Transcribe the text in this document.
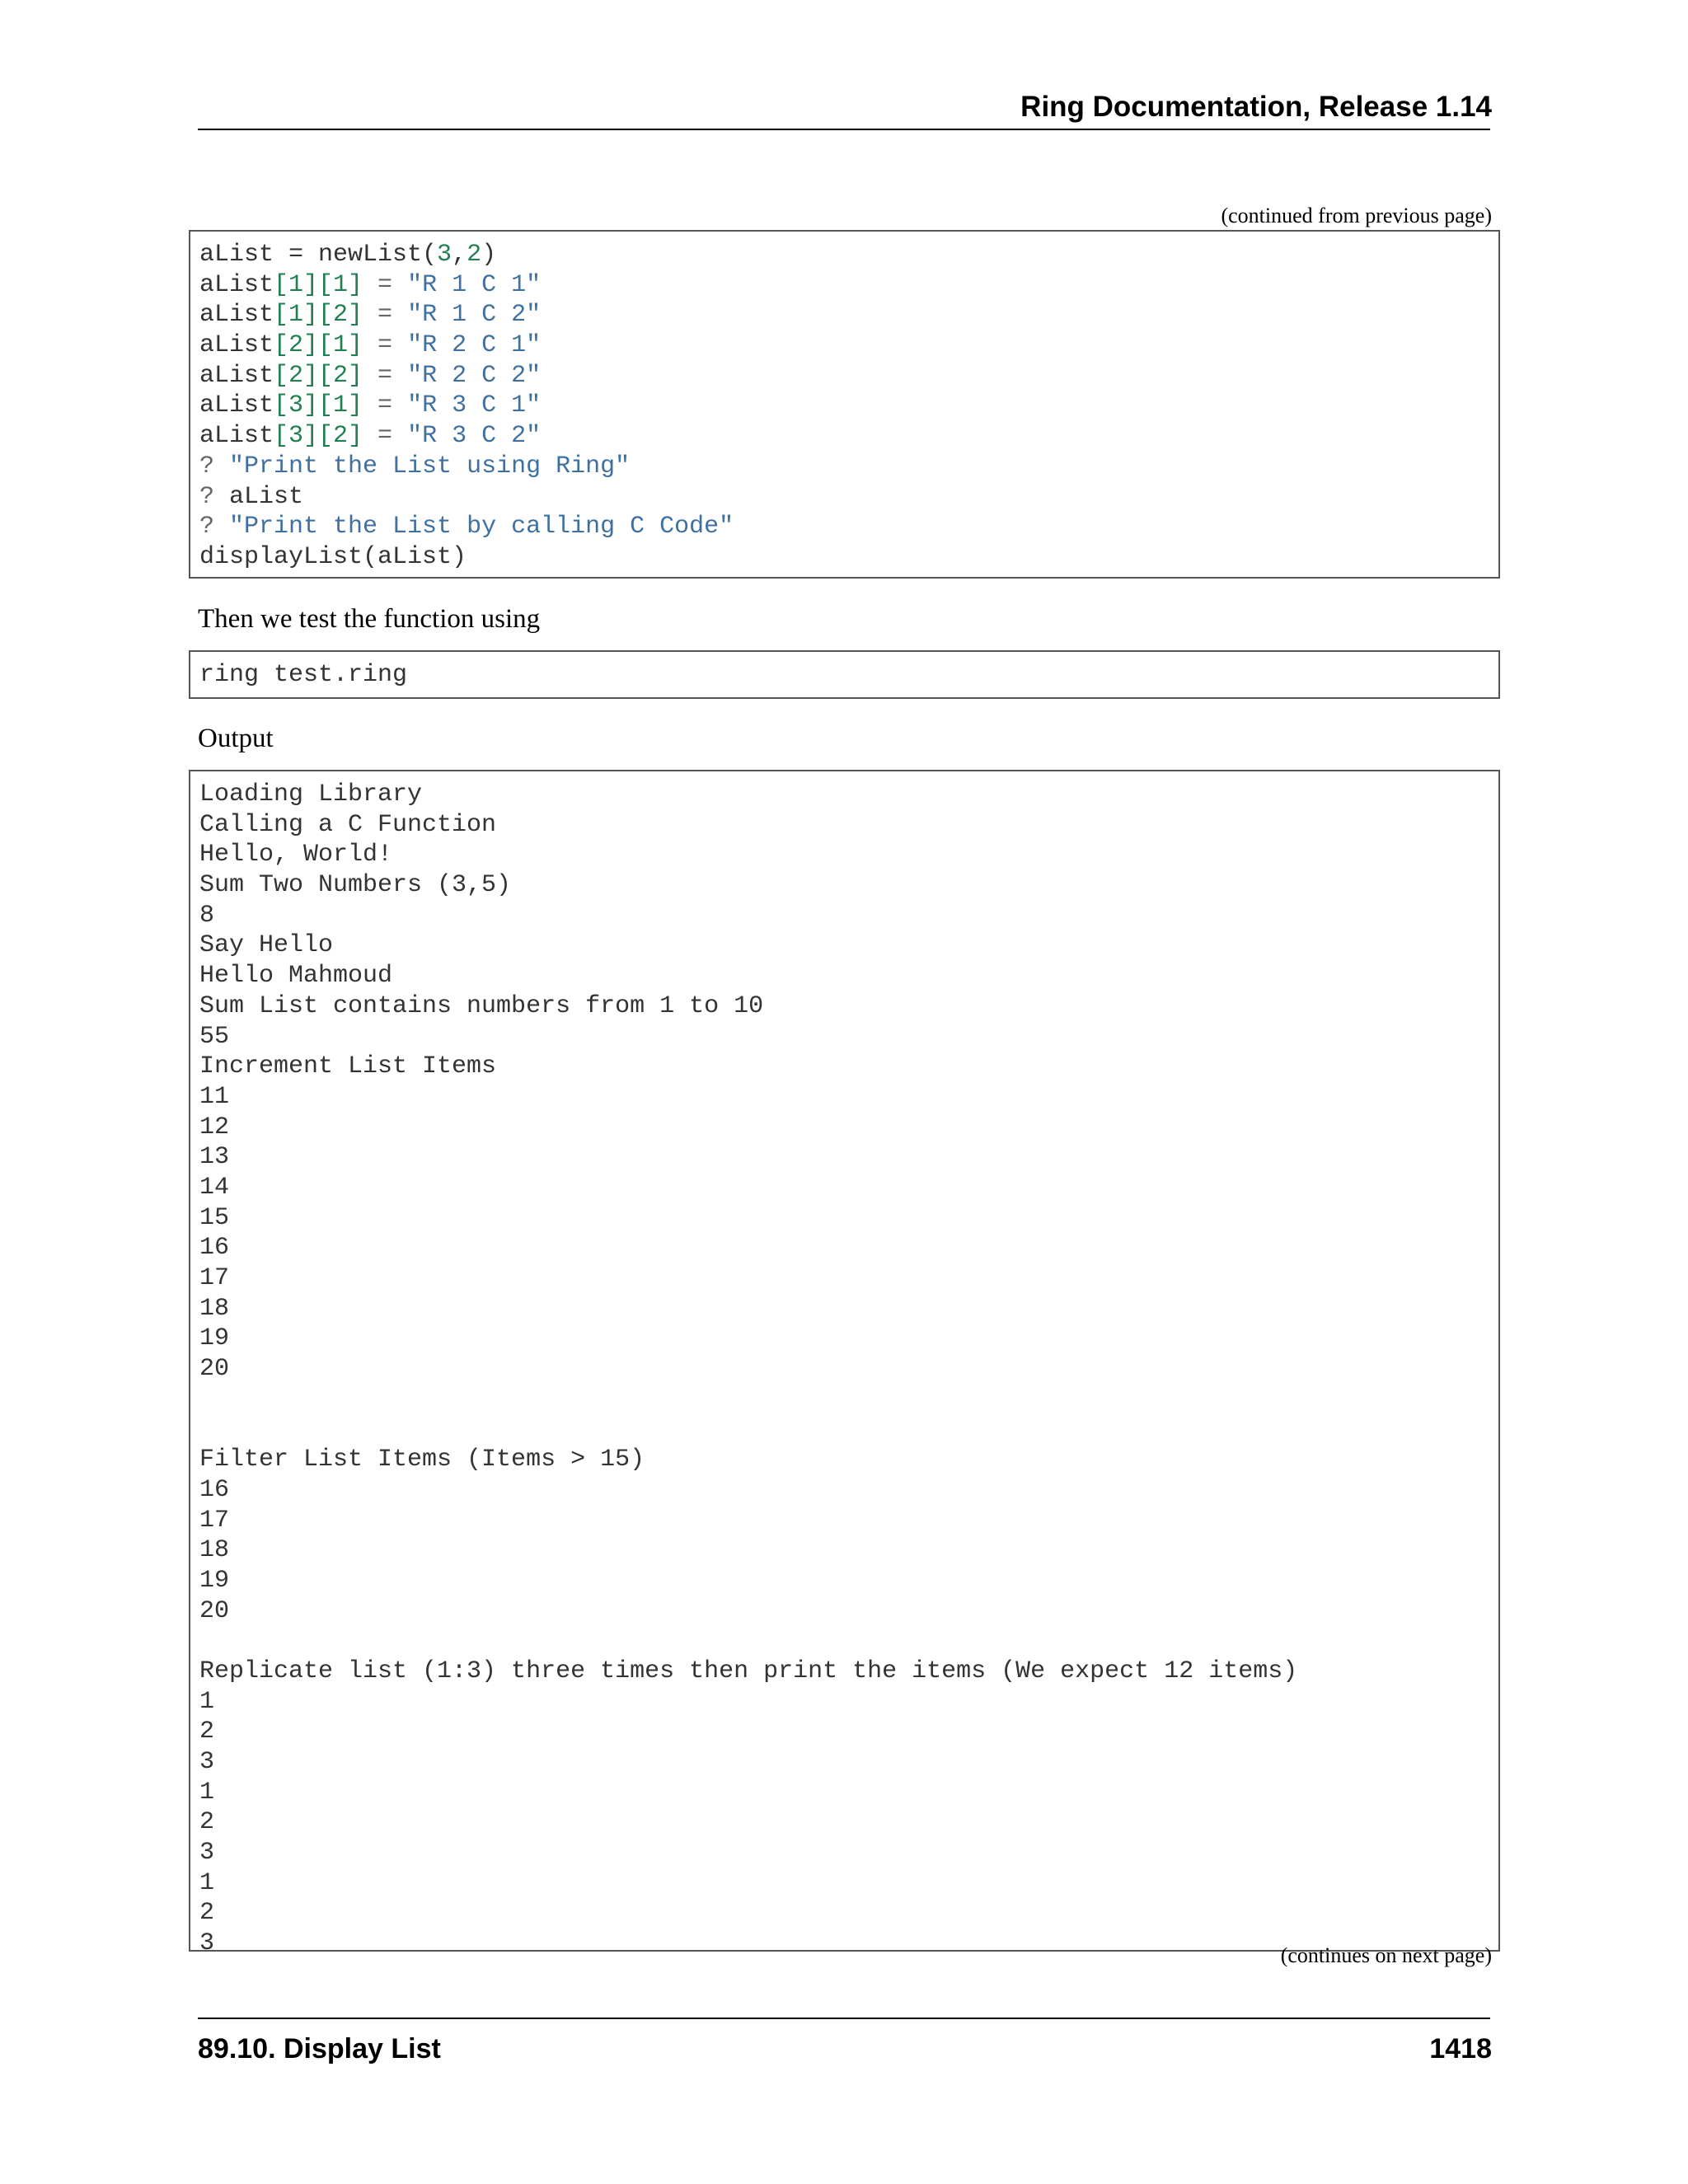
Ring Documentation, Release 1.14
(continued from previous page)
aList = newList(3,2)
aList[1][1] = "R 1 C 1"
aList[1][2] = "R 1 C 2"
aList[2][1] = "R 2 C 1"
aList[2][2] = "R 2 C 2"
aList[3][1] = "R 3 C 1"
aList[3][2] = "R 3 C 2"
? "Print the List using Ring"
? aList
? "Print the List by calling C Code"
displayList(aList)
Then we test the function using
ring test.ring
Output
Loading Library
Calling a C Function
Hello, World!
Sum Two Numbers (3,5)
8
Say Hello
Hello Mahmoud
Sum List contains numbers from 1 to 10
55
Increment List Items
11
12
13
14
15
16
17
18
19
20
Filter List Items (Items > 15)
16
17
18
19
20
Replicate list (1:3) three times then print the items (We expect 12 items)
1
2
3
1
2
3
1
2
3	(continues on next page)
89.10. Display List	1418
